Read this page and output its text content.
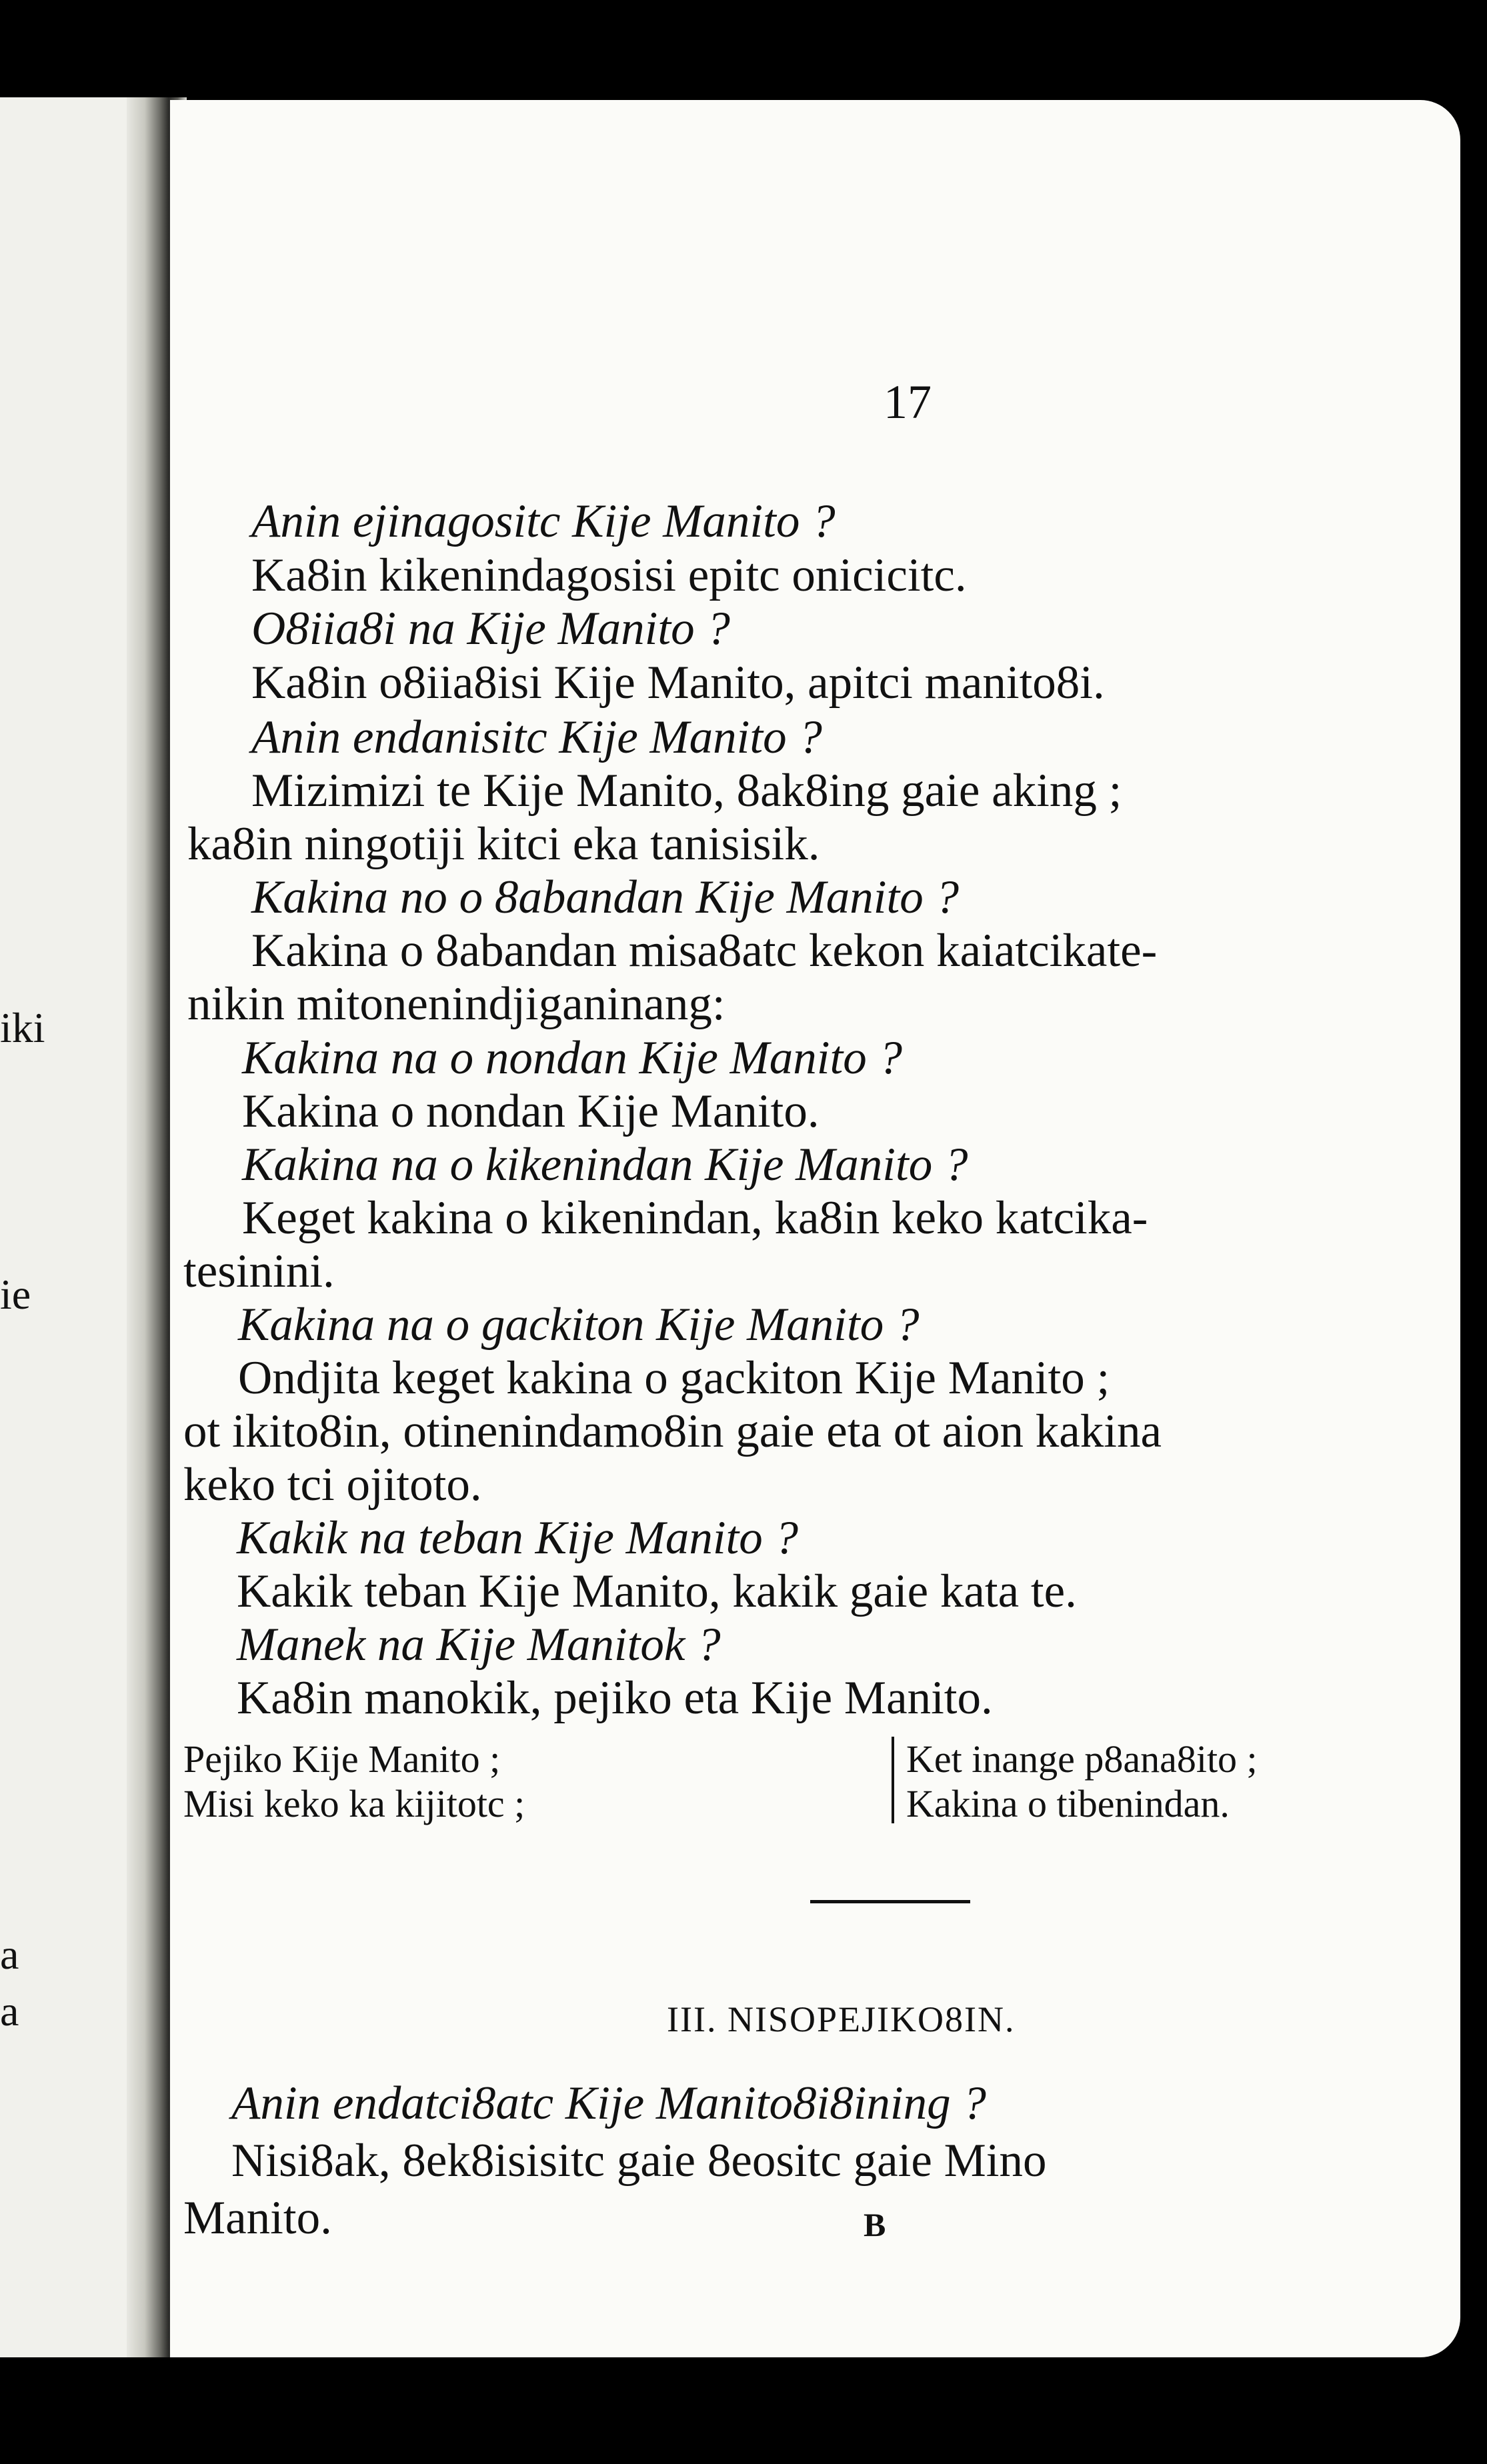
iki
ie
a
a
17
Anin ejinagositc Kije Manito ?
Ka8in kikenindagosisi epitc onicicitc.
O8iia8i na Kije Manito ?
Ka8in o8iia8isi Kije Manito, apitci manito8i.
Anin endanisitc Kije Manito ?
Mizimizi te Kije Manito, 8ak8ing gaie aking ;
ka8in ningotiji kitci eka tanisisik.
Kakina no o 8abandan Kije Manito ?
Kakina o 8abandan misa8atc kekon kaiatcikate-
nikin mitonenindjiganinang:
Kakina na o nondan Kije Manito ?
Kakina o nondan Kije Manito.
Kakina na o kikenindan Kije Manito ?
Keget kakina o kikenindan, ka8in keko katcika-
tesinini.
Kakina na o gackiton Kije Manito ?
Ondjita keget kakina o gackiton Kije Manito ;
ot ikito8in, otinenindamo8in gaie eta ot aion kakina
keko tci ojitoto.
Kakik na teban Kije Manito ?
Kakik teban Kije Manito, kakik gaie kata te.
Manek na Kije Manitok ?
Ka8in manokik, pejiko eta Kije Manito.
Pejiko Kije Manito ;
Misi keko ka kijitotc ;
Ket inange p8ana8ito ;
Kakina o tibenindan.
III. NISOPEJIKO8IN.
Anin endatci8atc Kije Manito8i8ining ?
Nisi8ak, 8ek8isisitc gaie 8eositc gaie Mino
Manito.	B
